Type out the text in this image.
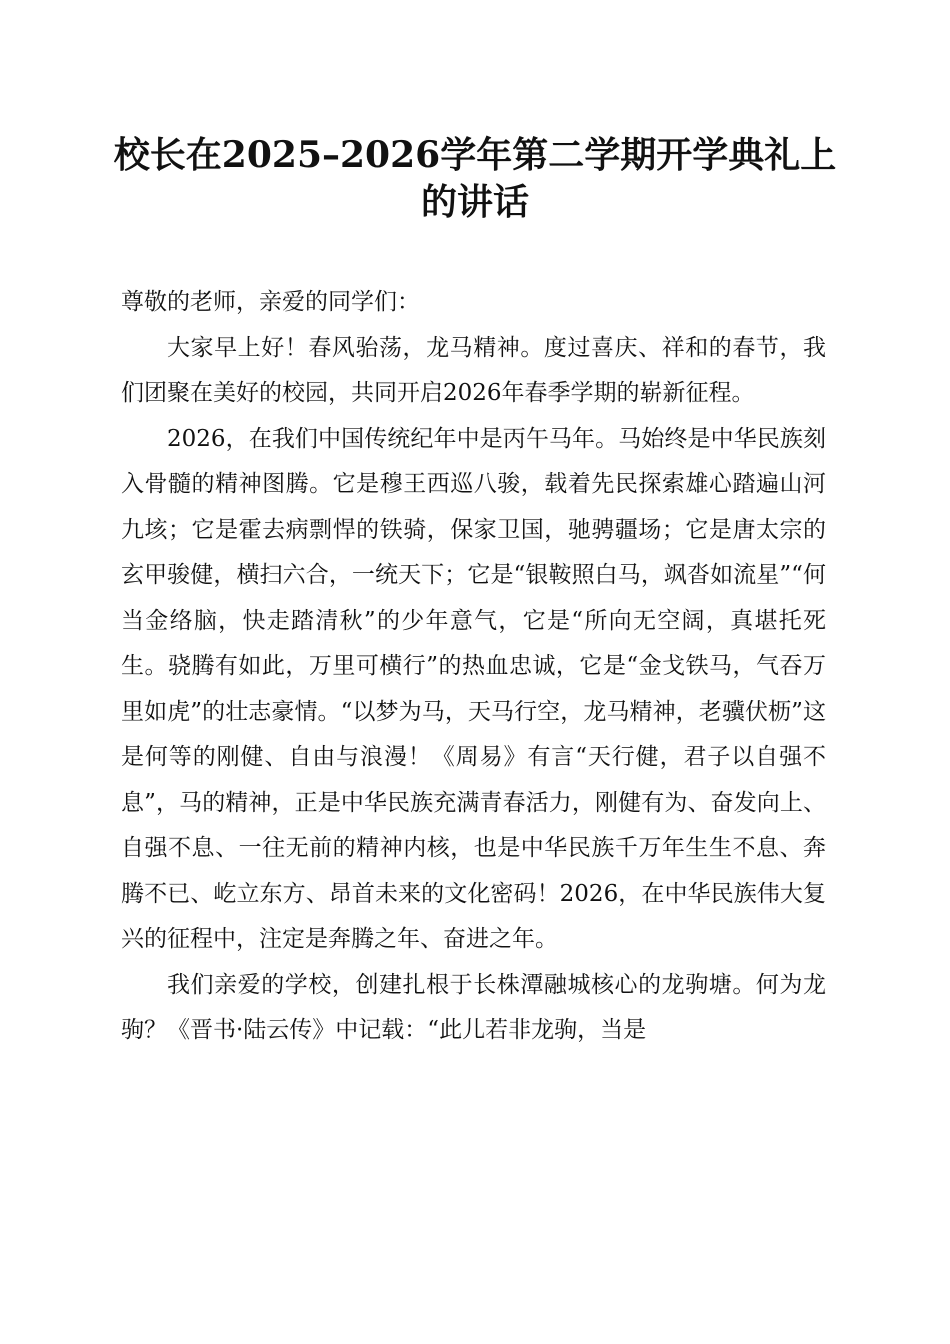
校长在2025–2026学年第二学期开学典礼上的讲话

尊敬的老师，亲爱的同学们：

大家早上好！春风骀荡，龙马精神。度过喜庆、祥和的春节，我们团聚在美好的校园，共同开启2026年春季学期的崭新征程。

2026，在我们中国传统纪年中是丙午马年。马始终是中华民族刻入骨髓的精神图腾。它是穆王西巡八骏，载着先民探索雄心踏遍山河九垓；它是霍去病剽悍的铁骑，保家卫国，驰骋疆场；它是唐太宗的玄甲骏健，横扫六合，一统天下；它是“银鞍照白马，飒沓如流星”“何当金络脑，快走踏清秋”的少年意气，它是“所向无空阔，真堪托死生。骁腾有如此，万里可横行”的热血忠诚，它是“金戈铁马，气吞万里如虎”的壮志豪情。“以梦为马，天马行空，龙马精神，老骥伏枥”这是何等的刚健、自由与浪漫！《周易》有言“天行健，君子以自强不息”，马的精神，正是中华民族充满青春活力，刚健有为、奋发向上、自强不息、一往无前的精神内核，也是中华民族千万年生生不息、奔腾不已、屹立东方、昂首未来的文化密码！2026，在中华民族伟大复兴的征程中，注定是奔腾之年、奋进之年。

我们亲爱的学校，创建扎根于长株潭融城核心的龙驹塘。何为龙驹？《晋书·陆云传》中记载：“此儿若非龙驹，当是
